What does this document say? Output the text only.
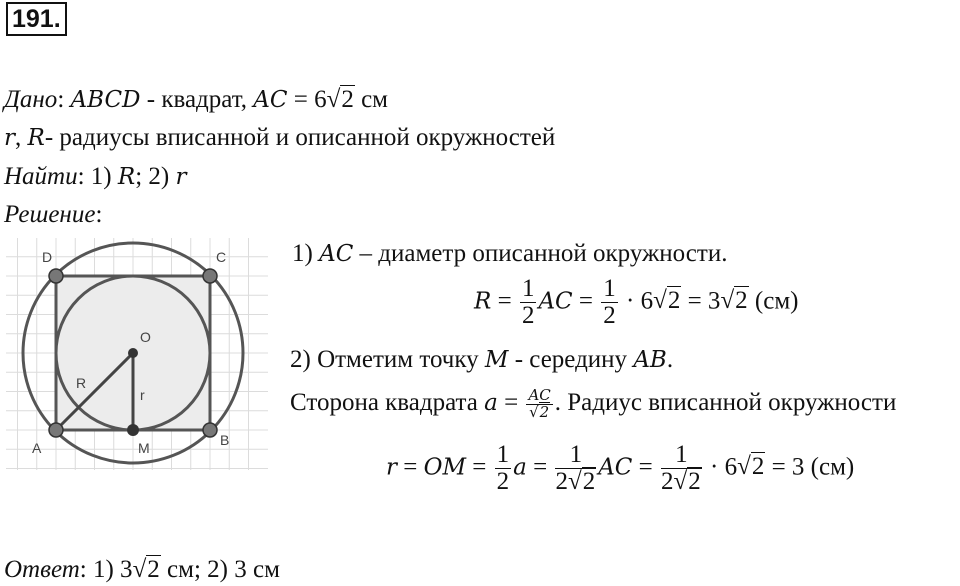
191.
Дано: ABCD - квадрат, AC = 6√2 см
r, R- радиусы вписанной и описанной окружностей
Найти: 1) R; 2) r
Решение:
A	B
C
D
O
M
R
r
1) AC – диаметр описанной окружности.
$R = \frac{1}{2}$ AC = $\frac{1}{2} \cdot 6√2 = 3√2$ (см)
2) Отметим точку M - середину AB.
Сторона квадрата $a = \frac{AC}{√2}$ . Радиус вписанной окружности
r = OM = $\frac{1}{2}$ $a = \frac{1}{2√2}$ AC = $\frac{1}{2√2} \cdot 6√2 = 3$ (см)
Ответ: 1) 3√2 см; 2) 3 см
